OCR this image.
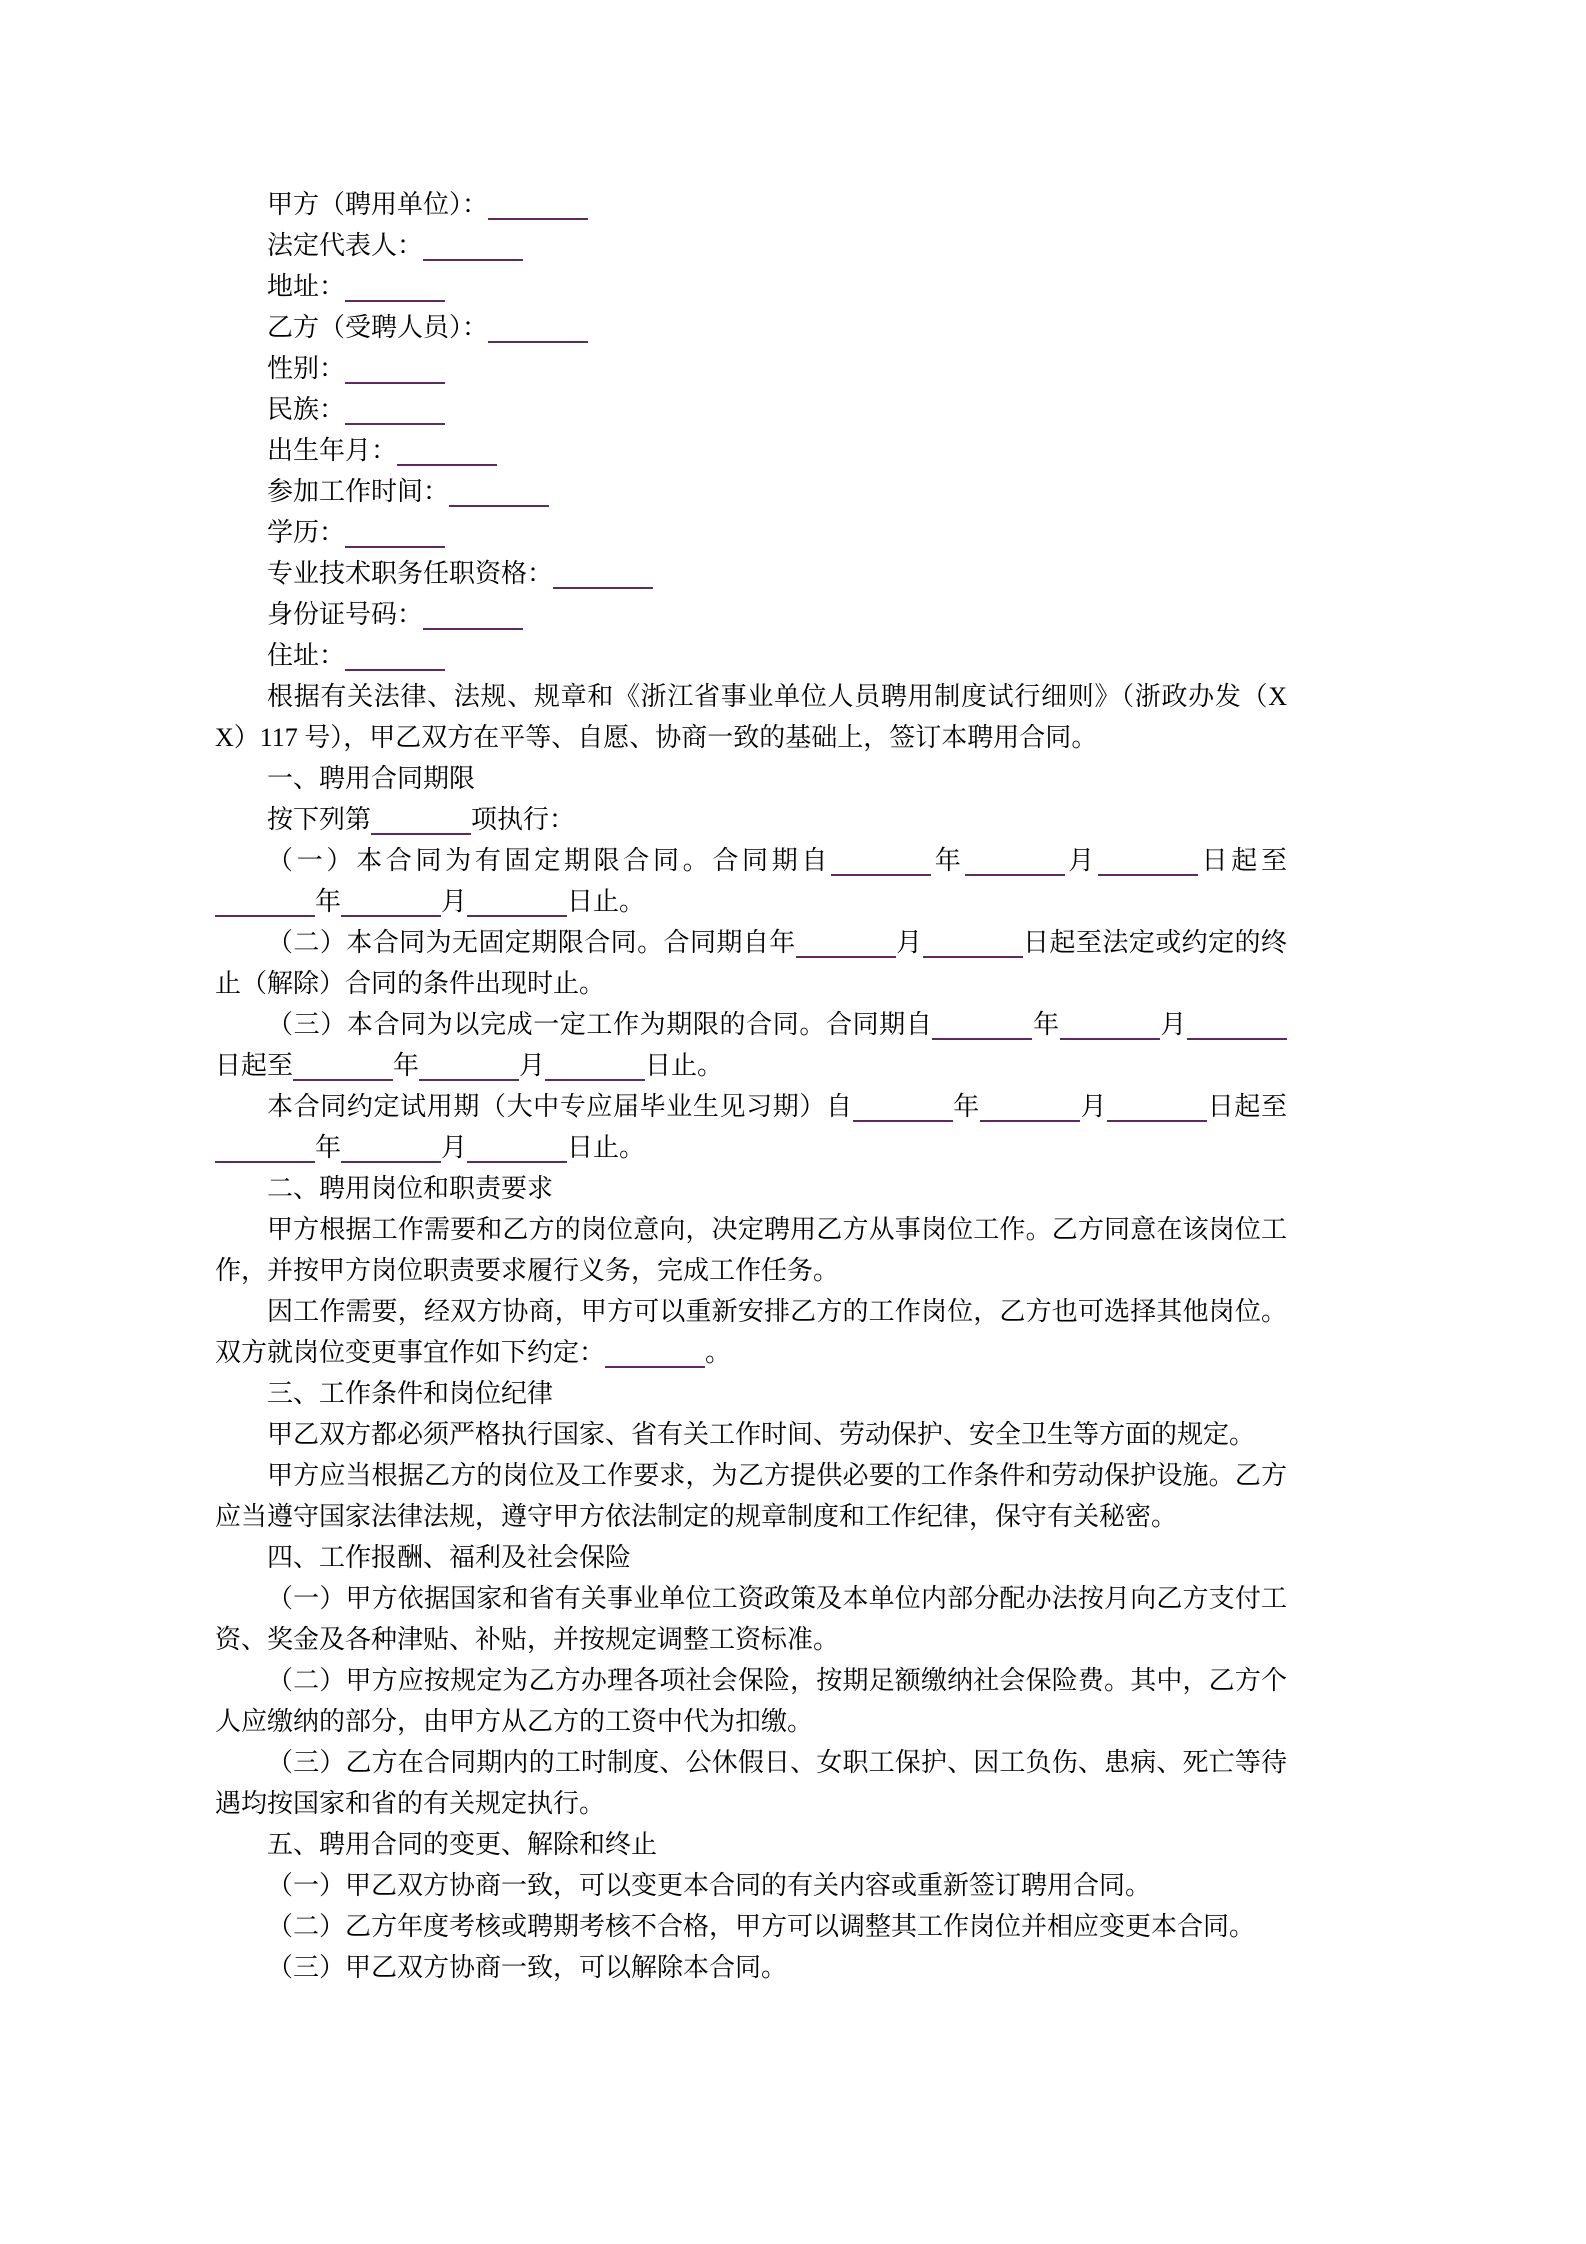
甲方（聘用单位）：
法定代表人：
地址：
乙方（受聘人员）：
性别：
民族：
出生年月：
参加工作时间：
学历：
专业技术职务任职资格：
身份证号码：
住址：
根据有关法律、法规、规章和《浙江省事业单位人员聘用制度试行细则》（浙政办发（XX）117 号），甲乙双方在平等、自愿、协商一致的基础上，签订本聘用合同。
一、聘用合同期限
按下列第	项执行：
（一）本合同为有固定期限合同。合同期自	年	月	日起至年	月	日止。
（二）本合同为无固定期限合同。合同期自年	月	日起至法定或约定的终止（解除）合同的条件出现时止。
（三）本合同为以完成一定工作为期限的合同。合同期自	年	月日起至	年	月	日止。
本合同约定试用期（大中专应届毕业生见习期）自	年	月	日起至年	月	日止。
二、聘用岗位和职责要求
甲方根据工作需要和乙方的岗位意向，决定聘用乙方从事岗位工作。乙方同意在该岗位工作，并按甲方岗位职责要求履行义务，完成工作任务。
因工作需要，经双方协商，甲方可以重新安排乙方的工作岗位，乙方也可选择其他岗位。双方就岗位变更事宜作如下约定：	。
三、工作条件和岗位纪律
甲乙双方都必须严格执行国家、省有关工作时间、劳动保护、安全卫生等方面的规定。
甲方应当根据乙方的岗位及工作要求，为乙方提供必要的工作条件和劳动保护设施。乙方应当遵守国家法律法规，遵守甲方依法制定的规章制度和工作纪律，保守有关秘密。
四、工作报酬、福利及社会保险
（一）甲方依据国家和省有关事业单位工资政策及本单位内部分配办法按月向乙方支付工资、奖金及各种津贴、补贴，并按规定调整工资标准。
（二）甲方应按规定为乙方办理各项社会保险，按期足额缴纳社会保险费。其中，乙方个人应缴纳的部分，由甲方从乙方的工资中代为扣缴。
（三）乙方在合同期内的工时制度、公休假日、女职工保护、因工负伤、患病、死亡等待遇均按国家和省的有关规定执行。
五、聘用合同的变更、解除和终止
（一）甲乙双方协商一致，可以变更本合同的有关内容或重新签订聘用合同。
（二）乙方年度考核或聘期考核不合格，甲方可以调整其工作岗位并相应变更本合同。
（三）甲乙双方协商一致，可以解除本合同。
